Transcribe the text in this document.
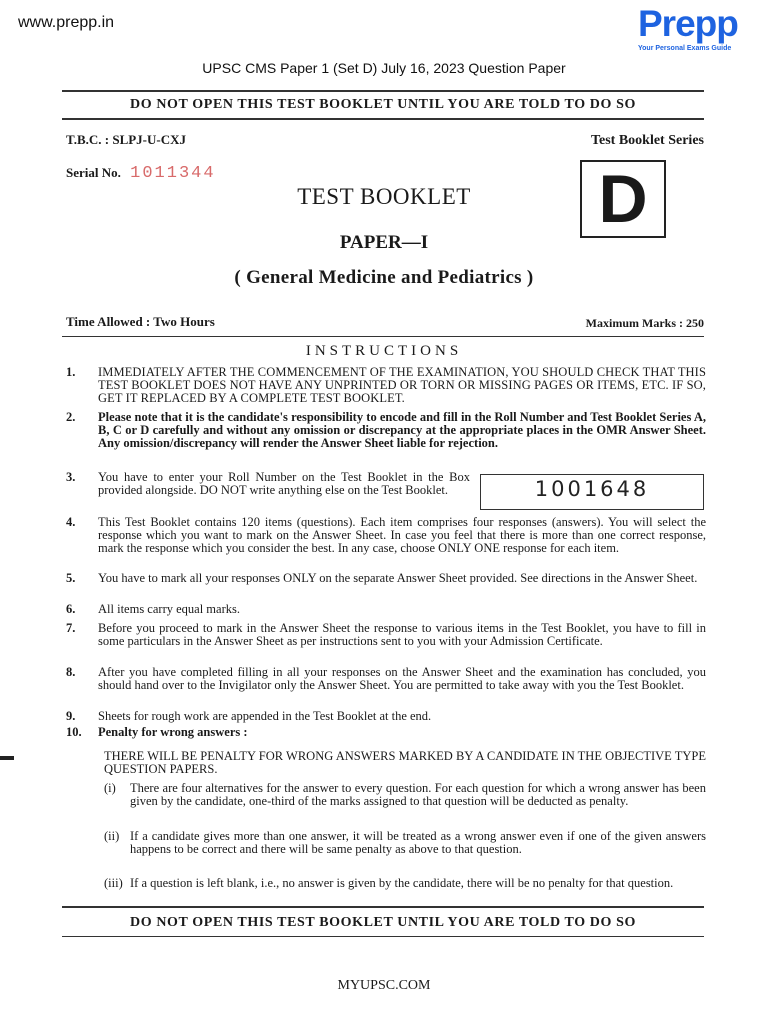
www.prepp.in	Prepp
Your Personal Exams Guide
UPSC CMS Paper 1 (Set D) July 16, 2023 Question Paper
DO NOT OPEN THIS TEST BOOKLET UNTIL YOU ARE TOLD TO DO SO
T.B.C. : SLPJ-U-CXJ	Test Booklet Series
Serial No. 1011344	D
TEST BOOKLET
PAPER—I
( General Medicine and Pediatrics )
Time Allowed : Two Hours	Maximum Marks : 250
INSTRUCTIONS
1.	IMMEDIATELY AFTER THE COMMENCEMENT OF THE EXAMINATION, YOU SHOULD CHECK THAT THIS TEST BOOKLET DOES NOT HAVE ANY UNPRINTED OR TORN OR MISSING PAGES OR ITEMS, ETC. IF SO, GET IT REPLACED BY A COMPLETE TEST BOOKLET.
2.	Please note that it is the candidate's responsibility to encode and fill in the Roll Number and Test Booklet Series A, B, C or D carefully and without any omission or discrepancy at the appropriate places in the OMR Answer Sheet. Any omission/discrepancy will render the Answer Sheet liable for rejection.
3.	You have to enter your Roll Number on the Test Booklet in the Box provided alongside. DO NOT write anything else on the Test Booklet.	1001648
4.	This Test Booklet contains 120 items (questions). Each item comprises four responses (answers). You will select the response which you want to mark on the Answer Sheet. In case you feel that there is more than one correct response, mark the response which you consider the best. In any case, choose ONLY ONE response for each item.
5.	You have to mark all your responses ONLY on the separate Answer Sheet provided. See directions in the Answer Sheet.
6.	All items carry equal marks.
7.	Before you proceed to mark in the Answer Sheet the response to various items in the Test Booklet, you have to fill in some particulars in the Answer Sheet as per instructions sent to you with your Admission Certificate.
8.	After you have completed filling in all your responses on the Answer Sheet and the examination has concluded, you should hand over to the Invigilator only the Answer Sheet. You are permitted to take away with you the Test Booklet.
9.	Sheets for rough work are appended in the Test Booklet at the end.
10.	Penalty for wrong answers :
THERE WILL BE PENALTY FOR WRONG ANSWERS MARKED BY A CANDIDATE IN THE OBJECTIVE TYPE QUESTION PAPERS.
(i)	There are four alternatives for the answer to every question. For each question for which a wrong answer has been given by the candidate, one-third of the marks assigned to that question will be deducted as penalty.
(ii) If a candidate gives more than one answer, it will be treated as a wrong answer even if one of the given answers happens to be correct and there will be same penalty as above to that question.
(iii) If a question is left blank, i.e., no answer is given by the candidate, there will be no penalty for that question.
DO NOT OPEN THIS TEST BOOKLET UNTIL YOU ARE TOLD TO DO SO
MYUPSC.COM
